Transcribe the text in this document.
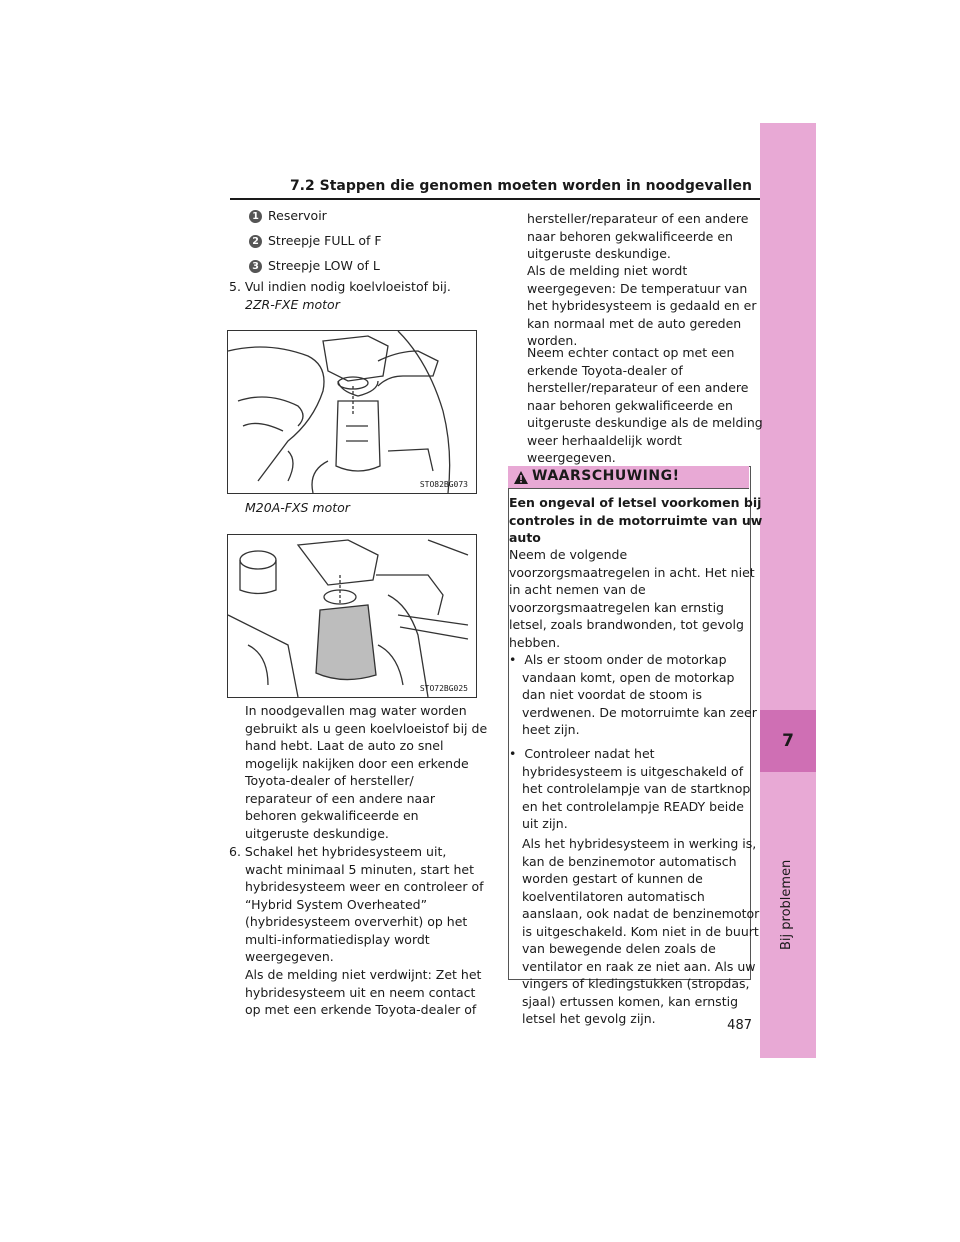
7.2 Stappen die genomen moeten worden in noodgevallen
7
Bij problemen
1 Reservoir
2 Streepje FULL of F
3 Streepje LOW of L
5. Vul indien nodig koelvloeistof bij.
2ZR-FXE motor
STO82BG073
M20A-FXS motor
STO72BG025
In noodgevallen mag water worden
gebruikt als u geen koelvloeistof bij de
hand hebt. Laat de auto zo snel
mogelijk nakijken door een erkende
Toyota-dealer of hersteller/
reparateur of een andere naar
behoren gekwalificeerde en
uitgeruste deskundige.
6. Schakel het hybridesysteem uit,
wacht minimaal 5 minuten, start het
hybridesysteem weer en controleer of
“Hybrid System Overheated”
(hybridesysteem oververhit) op het
multi-informatiedisplay wordt
weergegeven.
Als de melding niet verdwijnt: Zet het
hybridesysteem uit en neem contact
op met een erkende Toyota-dealer of
hersteller/reparateur of een andere
naar behoren gekwalificeerde en
uitgeruste deskundige.
Als de melding niet wordt
weergegeven: De temperatuur van
het hybridesysteem is gedaald en er
kan normaal met de auto gereden
worden.
Neem echter contact op met een
erkende Toyota-dealer of
hersteller/reparateur of een andere
naar behoren gekwalificeerde en
uitgeruste deskundige als de melding
weer herhaaldelijk wordt
weergegeven.
WAARSCHUWING!
Een ongeval of letsel voorkomen bij
controles in de motorruimte van uw
auto
Neem de volgende
voorzorgsmaatregelen in acht. Het niet
in acht nemen van de
voorzorgsmaatregelen kan ernstig
letsel, zoals brandwonden, tot gevolg
hebben.
•  Als er stoom onder de motorkap
vandaan komt, open de motorkap
dan niet voordat de stoom is
verdwenen. De motorruimte kan zeer
heet zijn.
•  Controleer nadat het
hybridesysteem is uitgeschakeld of
het controlelampje van de startknop
en het controlelampje READY beide
uit zijn.
Als het hybridesysteem in werking is,
kan de benzinemotor automatisch
worden gestart of kunnen de
koelventilatoren automatisch
aanslaan, ook nadat de benzinemotor
is uitgeschakeld. Kom niet in de buurt
van bewegende delen zoals de
ventilator en raak ze niet aan. Als uw
vingers of kledingstukken (stropdas,
sjaal) ertussen komen, kan ernstig
letsel het gevolg zijn.	487
